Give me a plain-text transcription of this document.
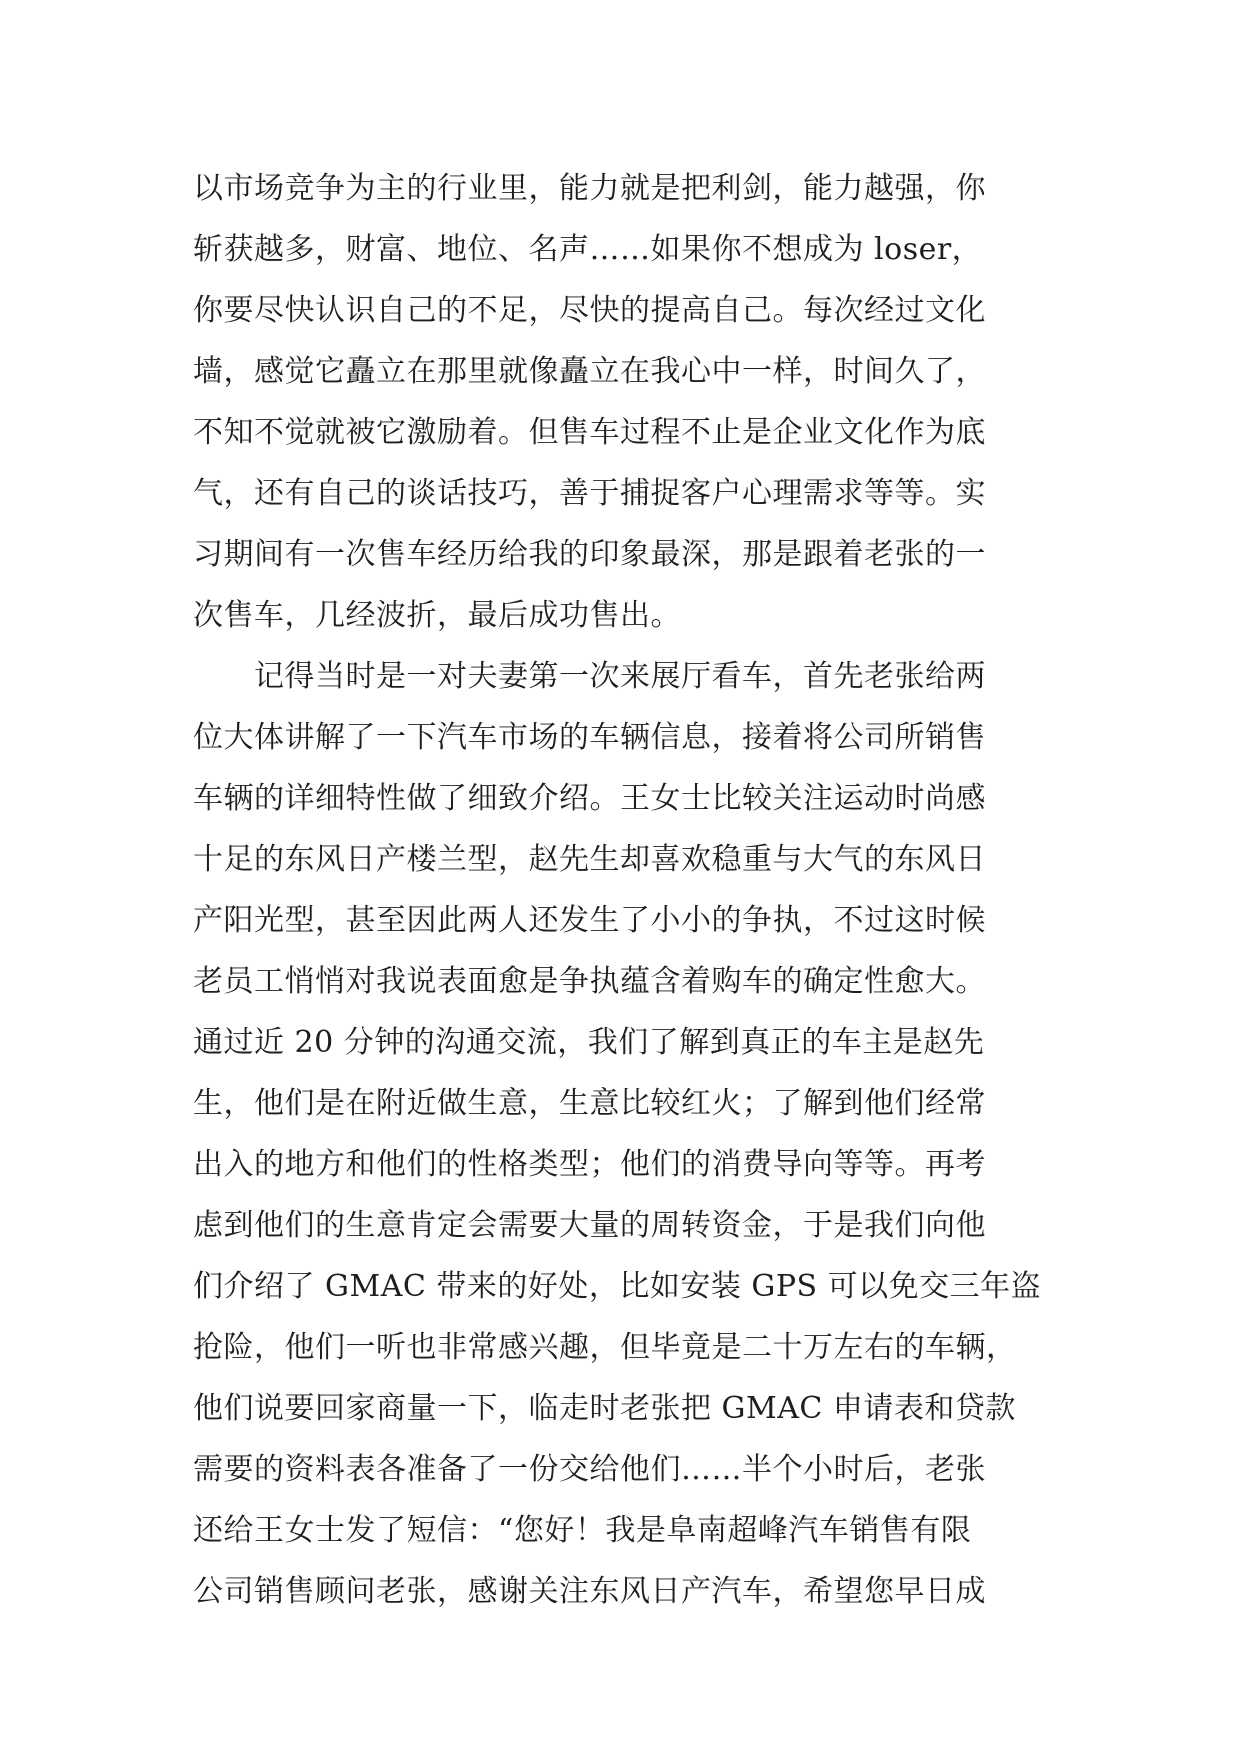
以市场竞争为主的行业里，能力就是把利剑，能力越强，你
斩获越多，财富、地位、名声……如果你不想成为 loser，
你要尽快认识自己的不足，尽快的提高自己。每次经过文化
墙，感觉它矗立在那里就像矗立在我心中一样，时间久了，
不知不觉就被它激励着。但售车过程不止是企业文化作为底
气，还有自己的谈话技巧，善于捕捉客户心理需求等等。实
习期间有一次售车经历给我的印象最深，那是跟着老张的一
次售车，几经波折，最后成功售出。
　　记得当时是一对夫妻第一次来展厅看车，首先老张给两
位大体讲解了一下汽车市场的车辆信息，接着将公司所销售
车辆的详细特性做了细致介绍。王女士比较关注运动时尚感
十足的东风日产楼兰型，赵先生却喜欢稳重与大气的东风日
产阳光型，甚至因此两人还发生了小小的争执，不过这时候
老员工悄悄对我说表面愈是争执蕴含着购车的确定性愈大。
通过近 20 分钟的沟通交流，我们了解到真正的车主是赵先
生，他们是在附近做生意，生意比较红火；了解到他们经常
出入的地方和他们的性格类型；他们的消费导向等等。再考
虑到他们的生意肯定会需要大量的周转资金，于是我们向他
们介绍了 GMAC 带来的好处，比如安装 GPS 可以免交三年盗
抢险，他们一听也非常感兴趣，但毕竟是二十万左右的车辆，
他们说要回家商量一下，临走时老张把 GMAC 申请表和贷款
需要的资料表各准备了一份交给他们……半个小时后，老张
还给王女士发了短信：“您好！我是阜南超峰汽车销售有限
公司销售顾问老张，感谢关注东风日产汽车，希望您早日成
